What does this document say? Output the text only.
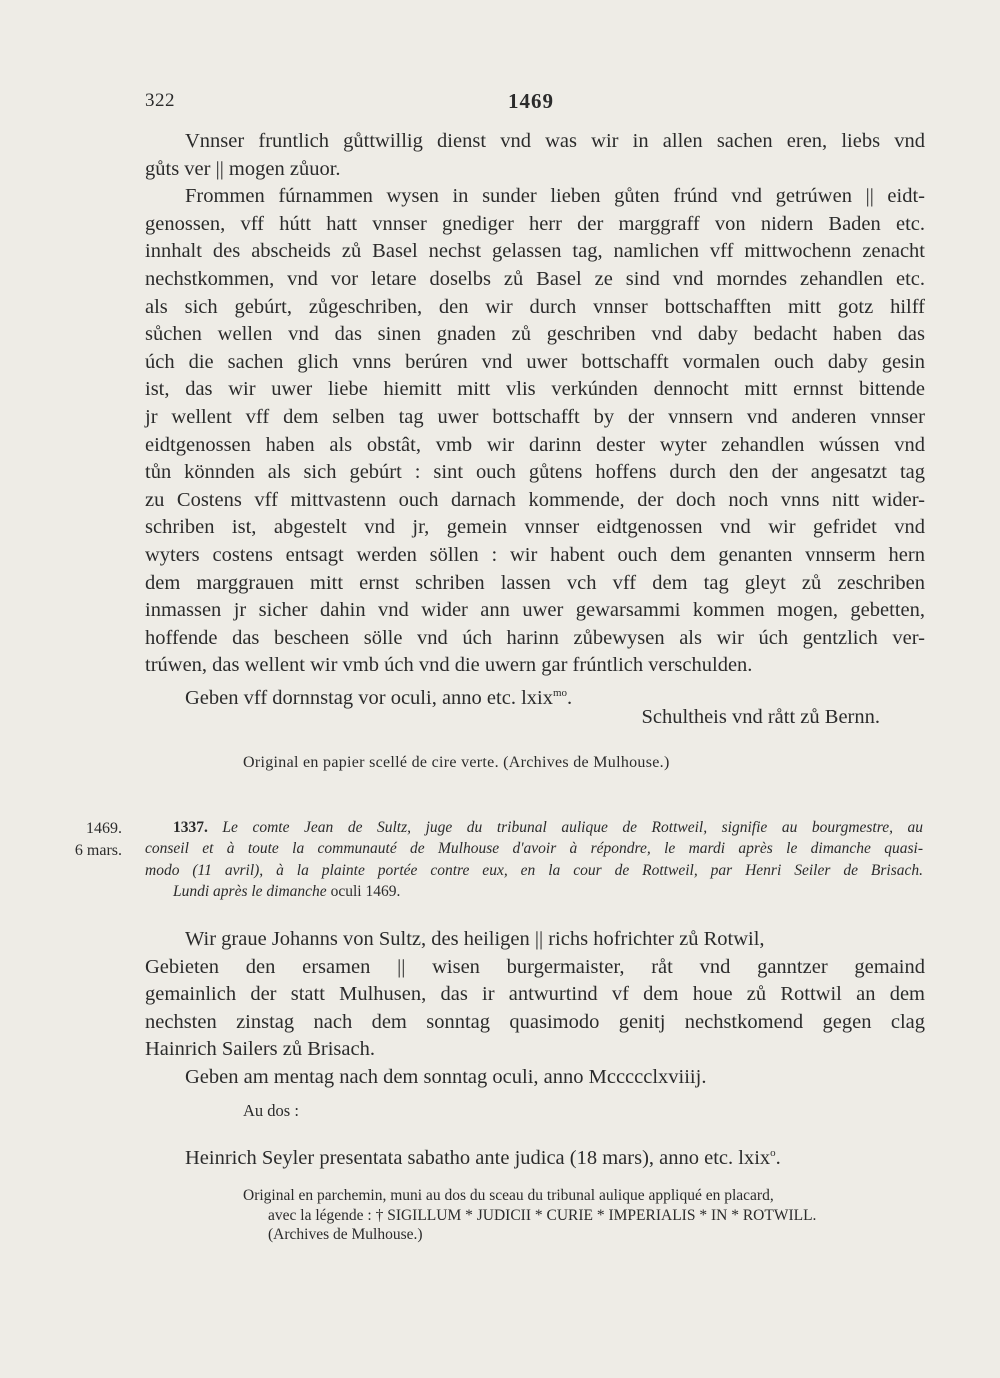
322	1469
Vnnser fruntlich gůttwillig dienst vnd was wir in allen sachen eren, liebs vnd
gůts ver || mogen zůuor.
Frommen fúrnammen wysen in sunder lieben gůten frúnd vnd getrúwen || eidt-
genossen, vff hútt hatt vnnser gnediger herr der marggraff von nidern Baden etc.
innhalt des abscheids zů Basel nechst gelassen tag, namlichen vff mittwochenn zenacht
nechstkommen, vnd vor letare doselbs zů Basel ze sind vnd morndes zehandlen etc.
als sich gebúrt, zůgeschriben, den wir durch vnnser bottschafften mitt gotz hilff
sůchen wellen vnd das sinen gnaden zů geschriben vnd daby bedacht haben das
úch die sachen glich vnns berúren vnd uwer bottschafft vormalen ouch daby gesin
ist, das wir uwer liebe hiemitt mitt vlis verkúnden dennocht mitt ernnst bittende
jr wellent vff dem selben tag uwer bottschafft by der vnnsern vnd anderen vnnser
eidtgenossen haben als obstât, vmb wir darinn dester wyter zehandlen wússen vnd
tůn könnden als sich gebúrt : sint ouch gůtens hoffens durch den der angesatzt tag
zu Costens vff mittvastenn ouch darnach kommende, der doch noch vnns nitt wider-
schriben ist, abgestelt vnd jr, gemein vnnser eidtgenossen vnd wir gefridet vnd
wyters costens entsagt werden söllen : wir habent ouch dem genanten vnnserm hern
dem marggrauen mitt ernst schriben lassen vch vff dem tag gleyt zů zeschriben
inmassen jr sicher dahin vnd wider ann uwer gewarsammi kommen mogen, gebetten,
hoffende das bescheen sölle vnd úch harinn zůbewysen als wir úch gentzlich ver-
trúwen, das wellent wir vmb úch vnd die uwern gar frúntlich verschulden.
Geben vff dornnstag vor oculi, anno etc. lxix$^{mo}$.
Schultheis vnd rått zů Bernn.
Original en papier scellé de cire verte. (Archives de Mulhouse.)
1469.
6 mars.
1337. Le comte Jean de Sultz, juge du tribunal aulique de Rottweil, signifie au bourgmestre, au
conseil et à toute la communauté de Mulhouse d'avoir à répondre, le mardi après le dimanche quasi-
modo (11 avril), à la plainte portée contre eux, en la cour de Rottweil, par Henri Seiler de Brisach.
Lundi après le dimanche oculi 1469.
Wir graue Johanns von Sultz, des heiligen || richs hofrichter zů Rotwil,
Gebieten den ersamen || wisen burgermaister, råt vnd ganntzer gemaind
gemainlich der statt Mulhusen, das ir antwurtind vf dem houe zů Rottwil an dem
nechsten zinstag nach dem sonntag quasimodo genitj nechstkomend gegen clag
Hainrich Sailers zů Brisach.
Geben am mentag nach dem sonntag oculi, anno Mccccclxviiij.
Au dos :
Heinrich Seyler presentata sabatho ante judica (18 mars), anno etc. lxix$^o$.
Original en parchemin, muni au dos du sceau du tribunal aulique appliqué en placard,
avec la légende : † SIGILLUM * JUDICII * CURIE * IMPERIALIS * IN * ROTWILL.
(Archives de Mulhouse.)
